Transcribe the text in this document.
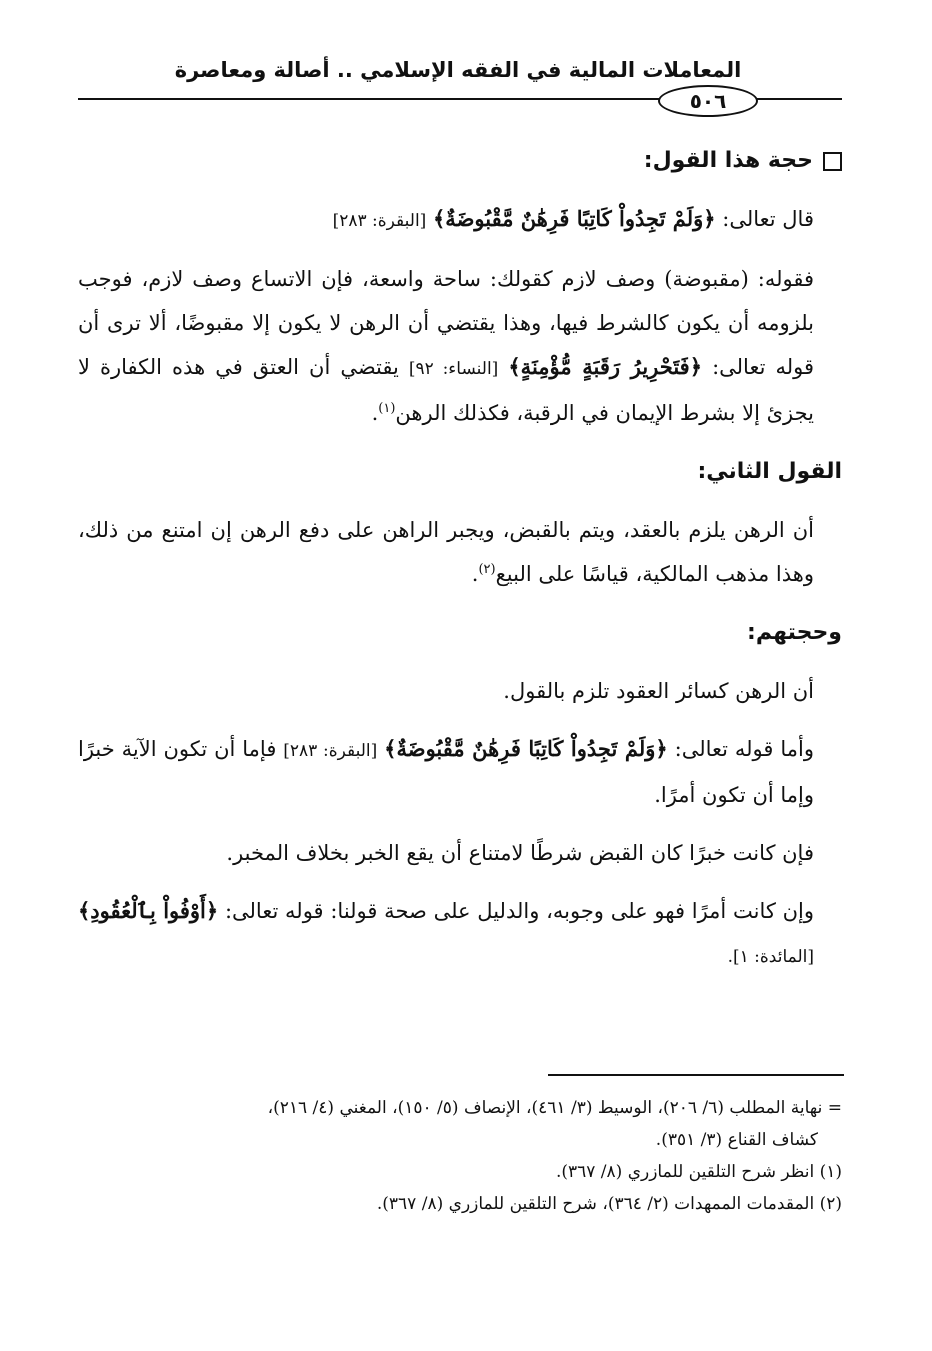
المعاملات المالية في الفقه الإسلامي .. أصالة ومعاصرة
٥٠٦

حجة هذا القول:

قال تعالى: ﴿وَلَمْ تَجِدُواْ كَاتِبًا فَرِهَٰنٌ مَّقْبُوضَةٌ﴾ [البقرة: ٢٨٣]

فقوله: (مقبوضة) وصف لازم كقولك: ساحة واسعة، فإن الاتساع وصف لازم، فوجب بلزومه أن يكون كالشرط فيها، وهذا يقتضي أن الرهن لا يكون إلا مقبوضًا، ألا ترى أن قوله تعالى: ﴿فَتَحْرِيرُ رَقَبَةٍ مُّؤْمِنَةٍ﴾ [النساء: ٩٢] يقتضي أن العتق في هذه الكفارة لا يجزئ إلا بشرط الإيمان في الرقبة، فكذلك الرهن$^{(١)}$.

القول الثاني:

أن الرهن يلزم بالعقد، ويتم بالقبض، ويجبر الراهن على دفع الرهن إن امتنع من ذلك، وهذا مذهب المالكية، قياسًا على البيع$^{(٢)}$.

وحجتهم:

أن الرهن كسائر العقود تلزم بالقول.

وأما قوله تعالى: ﴿وَلَمْ تَجِدُواْ كَاتِبًا فَرِهَٰنٌ مَّقْبُوضَةٌ﴾ [البقرة: ٢٨٣] فإما أن تكون الآية خبرًا وإما أن تكون أمرًا.

فإن كانت خبرًا كان القبض شرطًا لامتناع أن يقع الخبر بخلاف المخبر.

وإن كانت أمرًا فهو على وجوبه، والدليل على صحة قولنا: قوله تعالى: ﴿أَوْفُواْ بِٱلْعُقُودِ﴾ [المائدة: ١].

= نهاية المطلب (٦/ ٢٠٦)، الوسيط (٣/ ٤٦١)، الإنصاف (٥/ ١٥٠)، المغني (٤/ ٢١٦)،

كشاف القناع (٣/ ٣٥١).

(١) انظر شرح التلقين للمازري (٨/ ٣٦٧).

(٢) المقدمات الممهدات (٢/ ٣٦٤)، شرح التلقين للمازري (٨/ ٣٦٧).
